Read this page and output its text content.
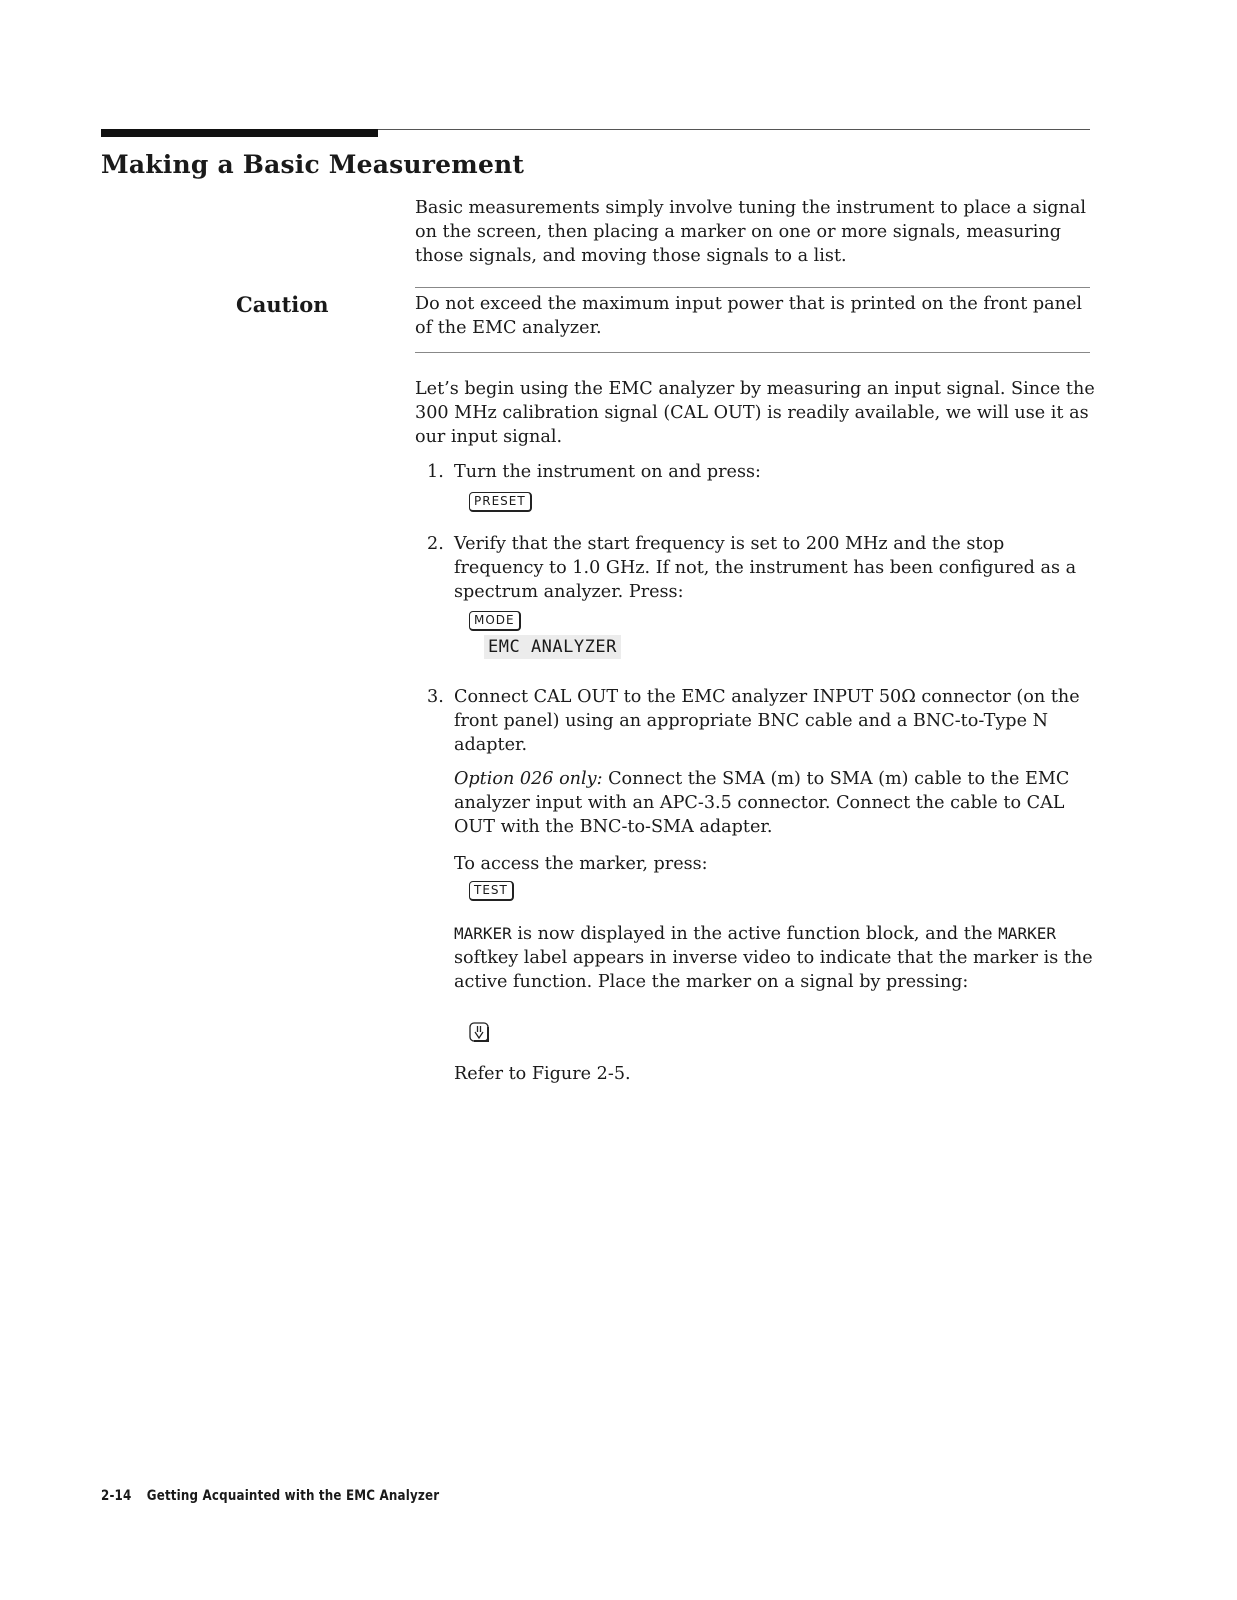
Making a Basic Measurement

Basic measurements simply involve tuning the instrument to place a signal on the screen, then placing a marker on one or more signals, measuring those signals, and moving those signals to a list.

Caution	Do not exceed the maximum input power that is printed on the front panel of the EMC analyzer.

Let’s begin using the EMC analyzer by measuring an input signal. Since the 300 MHz calibration signal (CAL OUT) is readily available, we will use it as our input signal.

1. Turn the instrument on and press:

PRESET
2. Verify that the start frequency is set to 200 MHz and the stop frequency to 1.0 GHz. If not, the instrument has been configured as a spectrum analyzer. Press:

MODE
EMC ANALYZER
3. Connect CAL OUT to the EMC analyzer INPUT 50Ω connector (on the front panel) using an appropriate BNC cable and a BNC-to-Type N adapter.

Option 026 only: Connect the SMA (m) to SMA (m) cable to the EMC analyzer input with an APC-3.5 connector. Connect the cable to CAL OUT with the BNC-to-SMA adapter.

To access the marker, press:

TEST

MARKER is now displayed in the active function block, and the MARKER softkey label appears in inverse video to indicate that the marker is the active function. Place the marker on a signal by pressing:

Refer to Figure 2-5.

2-14 Getting Acquainted with the EMC Analyzer
